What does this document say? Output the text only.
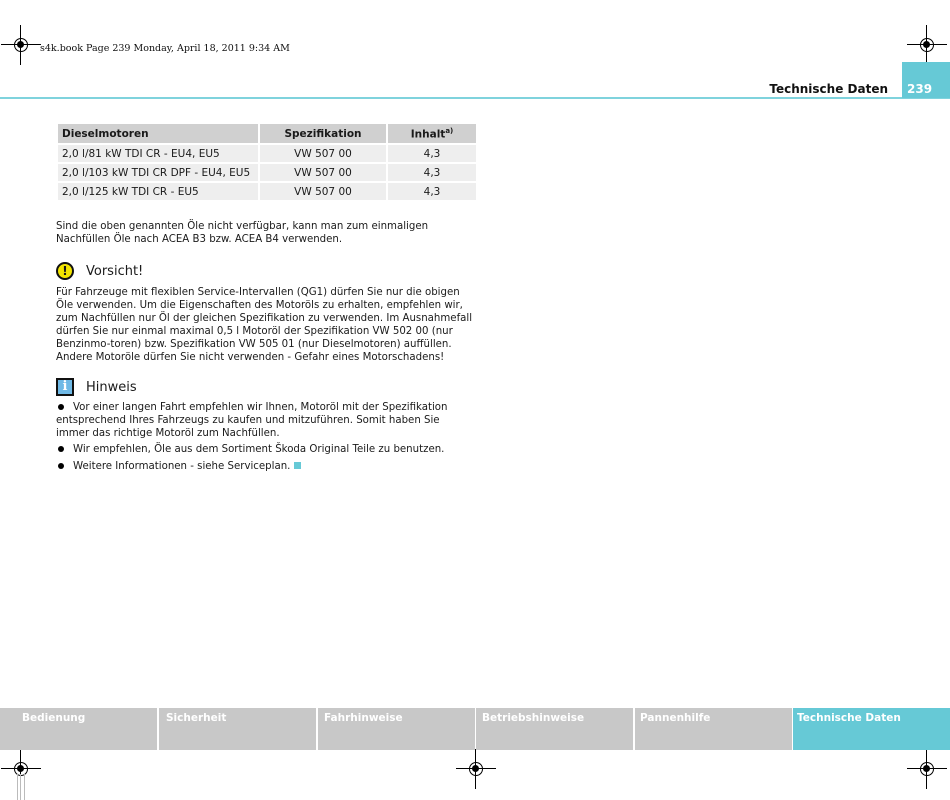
s4k.book Page 239 Monday, April 18, 2011 9:34 AM
Technische Daten	239
Dieselmotoren	Spezifikation	Inhalt$^{a)}$
2,0 l/81 kW TDI CR - EU4, EU5	VW 507 00	4,3
2,0 l/103 kW TDI CR DPF - EU4, EU5	VW 507 00	4,3
2,0 l/125 kW TDI CR - EU5	VW 507 00	4,3

Sind die oben genannten Öle nicht verfügbar, kann man zum einmaligen Nachfüllen Öle nach ACEA B3 bzw. ACEA B4 verwenden.

!	Vorsicht!

Für Fahrzeuge mit flexiblen Service-Intervallen (QG1) dürfen Sie nur die obigen Öle verwenden. Um die Eigenschaften des Motoröls zu erhalten, empfehlen wir, zum Nachfüllen nur Öl der gleichen Spezifikation zu verwenden. Im Ausnahmefall dürfen Sie nur einmal maximal 0,5 l Motoröl der Spezifikation VW 502 00 (nur Benzinmo-toren) bzw. Spezifikation VW 505 01 (nur Dieselmotoren) auffüllen. Andere Motoröle dürfen Sie nicht verwenden - Gefahr eines Motorschadens!

i	Hinweis
Vor einer langen Fahrt empfehlen wir Ihnen, Motoröl mit der Spezifikation entsprechend Ihres Fahrzeugs zu kaufen und mitzuführen. Somit haben Sie immer das richtige Motoröl zum Nachfüllen.
Wir empfehlen, Öle aus dem Sortiment Škoda Original Teile zu benutzen.
Weitere Informationen - siehe Serviceplan.
Bedienung	Sicherheit	Fahrhinweise	Betriebshinweise	Pannenhilfe	Technische Daten
